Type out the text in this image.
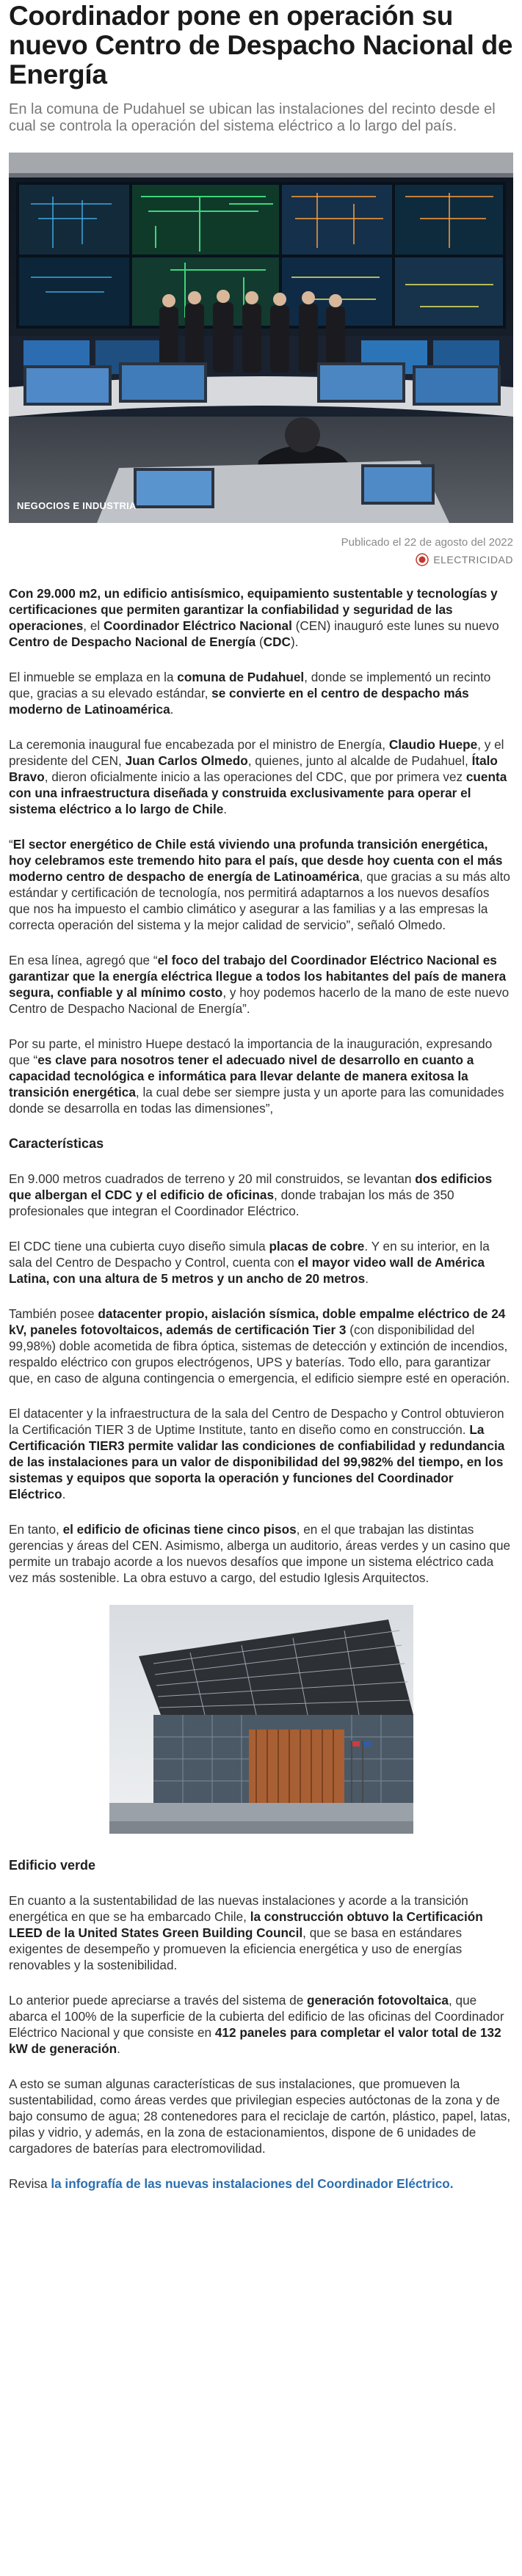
Coordinador pone en operación su nuevo Centro de Despacho Nacional de Energía

En la comuna de Pudahuel se ubican las instalaciones del recinto desde el cual se controla la operación del sistema eléctrico a lo largo del país.

NEGOCIOS E INDUSTRIA
Publicado el 22 de agosto del 2022
ELECTRICIDAD

Con 29.000 m2, un edificio antisísmico, equipamiento sustentable y tecnologías y certificaciones que permiten garantizar la confiabilidad y seguridad de las operaciones, el Coordinador Eléctrico Nacional (CEN) inauguró este lunes su nuevo Centro de Despacho Nacional de Energía (CDC).

El inmueble se emplaza en la comuna de Pudahuel, donde se implementó un recinto que, gracias a su elevado estándar, se convierte en el centro de despacho más moderno de Latinoamérica.

La ceremonia inaugural fue encabezada por el ministro de Energía, Claudio Huepe, y el presidente del CEN, Juan Carlos Olmedo, quienes, junto al alcalde de Pudahuel, Ítalo Bravo, dieron oficialmente inicio a las operaciones del CDC, que por primera vez cuenta con una infraestructura diseñada y construida exclusivamente para operar el sistema eléctrico a lo largo de Chile.

“El sector energético de Chile está viviendo una profunda transición energética, hoy celebramos este tremendo hito para el país, que desde hoy cuenta con el más moderno centro de despacho de energía de Latinoamérica, que gracias a su más alto estándar y certificación de tecnología, nos permitirá adaptarnos a los nuevos desafíos que nos ha impuesto el cambio climático y asegurar a las familias y a las empresas la correcta operación del sistema y la mejor calidad de servicio”, señaló Olmedo.

En esa línea, agregó que “el foco del trabajo del Coordinador Eléctrico Nacional es garantizar que la energía eléctrica llegue a todos los habitantes del país de manera segura, confiable y al mínimo costo, y hoy podemos hacerlo de la mano de este nuevo Centro de Despacho Nacional de Energía”.

Por su parte, el ministro Huepe destacó la importancia de la inauguración, expresando que “es clave para nosotros tener el adecuado nivel de desarrollo en cuanto a capacidad tecnológica e informática para llevar delante de manera exitosa la transición energética, la cual debe ser siempre justa y un aporte para las comunidades donde se desarrolla en todas las dimensiones”,

Características

En 9.000 metros cuadrados de terreno y 20 mil construidos, se levantan dos edificios que albergan el CDC y el edificio de oficinas, donde trabajan los más de 350 profesionales que integran el Coordinador Eléctrico.

El CDC tiene una cubierta cuyo diseño simula placas de cobre. Y en su interior, en la sala del Centro de Despacho y Control, cuenta con el mayor video wall de América Latina, con una altura de 5 metros y un ancho de 20 metros.

También posee datacenter propio, aislación sísmica, doble empalme eléctrico de 24 kV, paneles fotovoltaicos, además de certificación Tier 3 (con disponibilidad del 99,98%) doble acometida de fibra óptica, sistemas de detección y extinción de incendios, respaldo eléctrico con grupos electrógenos, UPS y baterías. Todo ello, para garantizar que, en caso de alguna contingencia o emergencia, el edificio siempre esté en operación.

El datacenter y la infraestructura de la sala del Centro de Despacho y Control obtuvieron la Certificación TIER 3 de Uptime Institute, tanto en diseño como en construcción. La Certificación TIER3 permite validar las condiciones de confiabilidad y redundancia de las instalaciones para un valor de disponibilidad del 99,982% del tiempo, en los sistemas y equipos que soporta la operación y funciones del Coordinador Eléctrico.

En tanto, el edificio de oficinas tiene cinco pisos, en el que trabajan las distintas gerencias y áreas del CEN. Asimismo, alberga un auditorio, áreas verdes y un casino que permite un trabajo acorde a los nuevos desafíos que impone un sistema eléctrico cada vez más sostenible. La obra estuvo a cargo, del estudio Iglesis Arquitectos.

Edificio verde

En cuanto a la sustentabilidad de las nuevas instalaciones y acorde a la transición energética en que se ha embarcado Chile, la construcción obtuvo la Certificación LEED de la United States Green Building Council, que se basa en estándares exigentes de desempeño y promueven la eficiencia energética y uso de energías renovables y la sostenibilidad.

Lo anterior puede apreciarse a través del sistema de generación fotovoltaica, que abarca el 100% de la superficie de la cubierta del edificio de las oficinas del Coordinador Eléctrico Nacional y que consiste en 412 paneles para completar el valor total de 132 kW de generación.

A esto se suman algunas características de sus instalaciones, que promueven la sustentabilidad, como áreas verdes que privilegian especies autóctonas de la zona y de bajo consumo de agua; 28 contenedores para el reciclaje de cartón, plástico, papel, latas, pilas y vidrio, y además, en la zona de estacionamientos, dispone de 6 unidades de cargadores de baterías para electromovilidad.

Revisa la infografía de las nuevas instalaciones del Coordinador Eléctrico.
